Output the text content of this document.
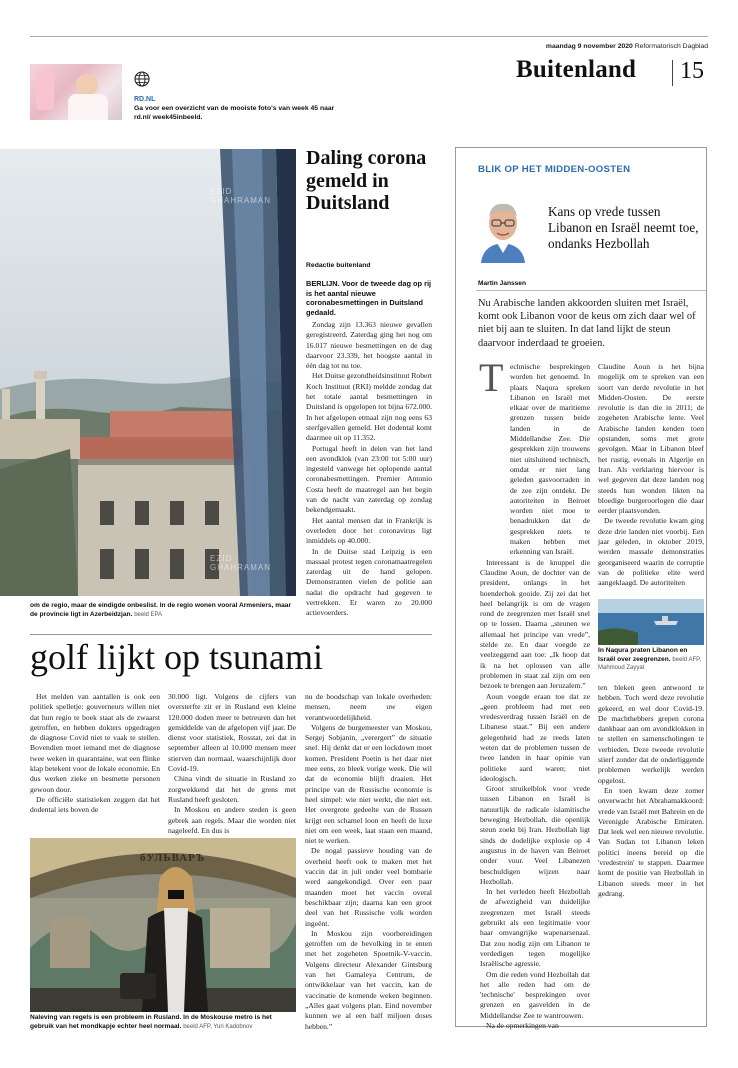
maandag 9 november 2020 Reformatorisch Dagblad
Buitenland 15
RD.NL
Ga voor een overzicht van de mooiste foto's van week 45 naar rd.nl/ week45inbeeld.
EZID GHAHRAMAN
EZID GHAHRAMAN
om de regio, maar de eindigde onbeslist. In de regio wonen vooral Armeniers, maar de provincie ligt in Azerbeidzjan. beeld EPA
Daling corona gemeld in Duitsland
Redactie buitenland
BERLIJN. Voor de tweede dag op rij is het aantal nieuwe coronabesmettingen in Duitsland gedaald.

Zondag zijn 13.363 nieuwe gevallen geregistreerd. Zaterdag ging het nog om 16.017 nieuwe besmettingen en de dag daarvoor 23.339, het hoogste aantal in één dag tot nu toe.

Het Duitse gezondheidsinstituut Robert Koch Instituut (RKI) meldde zondag dat het totale aantal besmettingen in Duitsland is opgelopen tot bijna 672.000. In het afgelopen etmaal zijn nog eens 63 sterfgevallen gemeld. Het dodental komt daarmee uit op 11.352.

Portugal heeft in delen van het land een avondklok (van 23:00 tot 5:00 uur) ingesteld vanwege het oplopende aantal coronabesmettingen. Premier Antonio Costa heeft de maatregel aan het begin van de nacht van zaterdag op zondag bekendgemaakt.

Het aantal mensen dat in Frankrijk is overleden door het coronavirus ligt inmiddels op 40.000.

In de Duitse stad Leipzig is een massaal protest tegen coronamaatregelen zaterdag uit de hand gelopen. Demonstranten vielen de politie aan nadat die opdracht had gegeven te vertrekken. Er waren zo 20.000 actievoerders.

golf lijkt op tsunami

Het melden van aantallen is ook een politiek spelletje: gouverneurs willen niet dat hun regio te boek staat als de zwaarst getroffen, en hebben dokters opgedragen de diagnose Covid niet te vaak te stellen. Bovendien moet iemand met de diagnose twee weken in quarantaine, wat een flinke klap betekent voor de lokale economie. En dus werken zieke en besmette personen gewoon door.

De officiële statistieken zeggen dat het dodental iets boven de

30.000 ligt. Volgens de cijfers van oversterfte zit er in Rusland een kleine 120.000 doden meer te betreuren dan het gemiddelde van de afgelopen vijf jaar. De dienst voor statistiek, Rosstat, zei dat in september alleen al 10.000 mensen meer stierven dan normaal, waarschijnlijk door Covid-19.

China vindt de situatie in Rusland zo zorgwekkend dat het de grens met Rusland heeft gesloten.

In Moskou en andere steden is geen gebrek aan regels. Maar die worden niet nageleefd. En dus is

nu de boodschap van lokale overheden: mensen, neem uw eigen verantwoordelijkheid.

Volgens de burgemeester van Moskou, Sergej Sobjanin, „verergert” de situatie snel. Hij denkt dat er een lockdown moet komen. President Poetin is het daar niet mee eens, zo bleek vorige week. Die wil dat de economie blijft draaien. Het principe van de Russische economie is heel simpel: wie niet werkt, die niet eet. Het overgrote gedeelte van de Russen krijgt een schamel loon en heeft de luxe niet om een week, laat staan een maand, niet te werken.

De nogal passieve houding van de overheid heeft ook te maken met het vaccin dat in juli onder veel bombarie werd aangekondigd. Over een paar maanden moet het vaccin overal beschikbaar zijn; daarna kan een groot deel van het Russische volk worden ingeënt.

In Moskou zijn voorbereidingen getroffen om de bevolking in te enten met het zogeheten Spoetnik-V-vaccin. Volgens directeur Alexander Gintsburg van het Gamaleya Centrum, de ontwikkelaar van het vaccin, kan de vaccinatie de komende weken beginnen. „Alles gaat volgens plan. Eind november kunnen we al een half miljoen doses hebben.”

бУЛЬВАРЪ
Naleving van regels is een probleem in Rusland. In de Moskouse metro is het gebruik van het mondkapje echter heel normaal. beeld AFP, Yuri Kadobnov
BLIK OP HET MIDDEN-OOSTEN
Kans op vrede tussen Libanon en Israël neemt toe, ondanks Hezbollah
Martin Janssen
Nu Arabische landen akkoorden sluiten met Israël, komt ook Libanon voor de keus om zich daar wel of niet bij aan te sluiten. In dat land lijkt de steun daarvoor inderdaad te groeien.
T echnische besprekingen worden het genoemd. In plaats Naqura spreken Libanon en Israël met elkaar over de maritieme grenzen tussen beide landen in de Middellandse Zee. Die gesprekken zijn trouwens niet uitsluitend technisch, omdat er niet lang geleden gasvoorraden in de zee zijn ontdekt. De autoriteiten in Beiroet worden niet moe te benadrukken dat de gesprekken niets te maken hebben met erkenning van Israël.

Interessant is de knuppel die Claudine Aoun, de dochter van de president, onlangs in het hoenderhok gooide. Zij zei dat het heel belangrijk is om de vragen rond de zeegrenzen met Israël snel op te lossen. Daarna „steunen we allemaal het principe van vrede”, stelde ze. En daar voegde ze veelzeggend aan toe: „Ik hoop dat ik na het oplossen van alle problemen in staat zal zijn om een bezoek te brengen aan Jeruzalem.”

Aoun voegde eraan toe dat ze „geen probleem had met een vredesverdrag tussen Israël en de Libanese staat.” Bij een andere gelegenheid had ze reeds laten weten dat de problemen tussen de twee landen in haar opinie van politieke aard waren; niet ideologisch.

Groot struikelblok voor vrede tussen Libanon en Israël is natuurlijk de radicale islamitische beweging Hezbollah, die openlijk steun zoekt bij Iran. Hezbollah ligt sinds de dodelijke explosie op 4 augustus in de haven van Beiroet onder vuur. Veel Libanezen beschuldigen wijzen naar Hezbollah.

In het verleden heeft Hezbollah de afwezigheid van duidelijke zeegrenzen met Israël steeds gebruikt als een legitimatie voor haar omvangrijke wapenarsenaal. Dat zou nodig zijn om Libanon te verdedigen tegen mogelijke Israëlische agressie.

Om die reden vond Hezbollah dat het alle reden had om de 'technische' besprekingen over grenzen en gasvelden in de Middellandse Zee te wantrouwen.

Na de opmerkingen van

Claudine Aoun is het bijna mogelijk om te spreken van een soort van derde revolutie in het Midden-Oosten. De eerste revolutie is dan die in 2011; de zogeheten Arabische lente. Veel Arabische landen kenden toen opstanden, soms met grote gevolgen. Maar in Libanon bleef het rustig, evenals in Algerije en Iran. Als verklaring hiervoor is wel gegeven dat deze landen nog steeds hun wonden likten na bloedige burgeroorlogen die daar eerder plaatsvonden.

De tweede revolutie kwam ging deze drie landen niet voorbij. Een jaar geleden, in oktober 2019, werden massale demonstraties georganiseerd waarin de corruptie van de politieke elite werd aangeklaagd. De autoriteiten

In Naqura praten Libanon en Israël over zeegrenzen. beeld AFP, Mahmoud Zayyat

ten bleken geen antwoord te hebben. Toch werd deze revolutie gekeerd, en wel door Covid-19. De machthebbers grepen corona dankbaar aan om avondklokken in te stellen en samenscholingen te verbieden. Deze tweede revolutie stierf zonder dat de onderliggende problemen werkelijk werden opgelost.

En toen kwam deze zomer onverwacht het Abrahamakkoord: vrede van Israël met Bahrein en de Verenigde Arabische Emiraten. Dat leek wel een nieuwe revolutie. Van Sudan tot Libanon leken politici ineens bereid op die 'vredestrein' te stappen. Daarmee komt de positie van Hezbollah in Libanon steeds meer in het gedrang.
